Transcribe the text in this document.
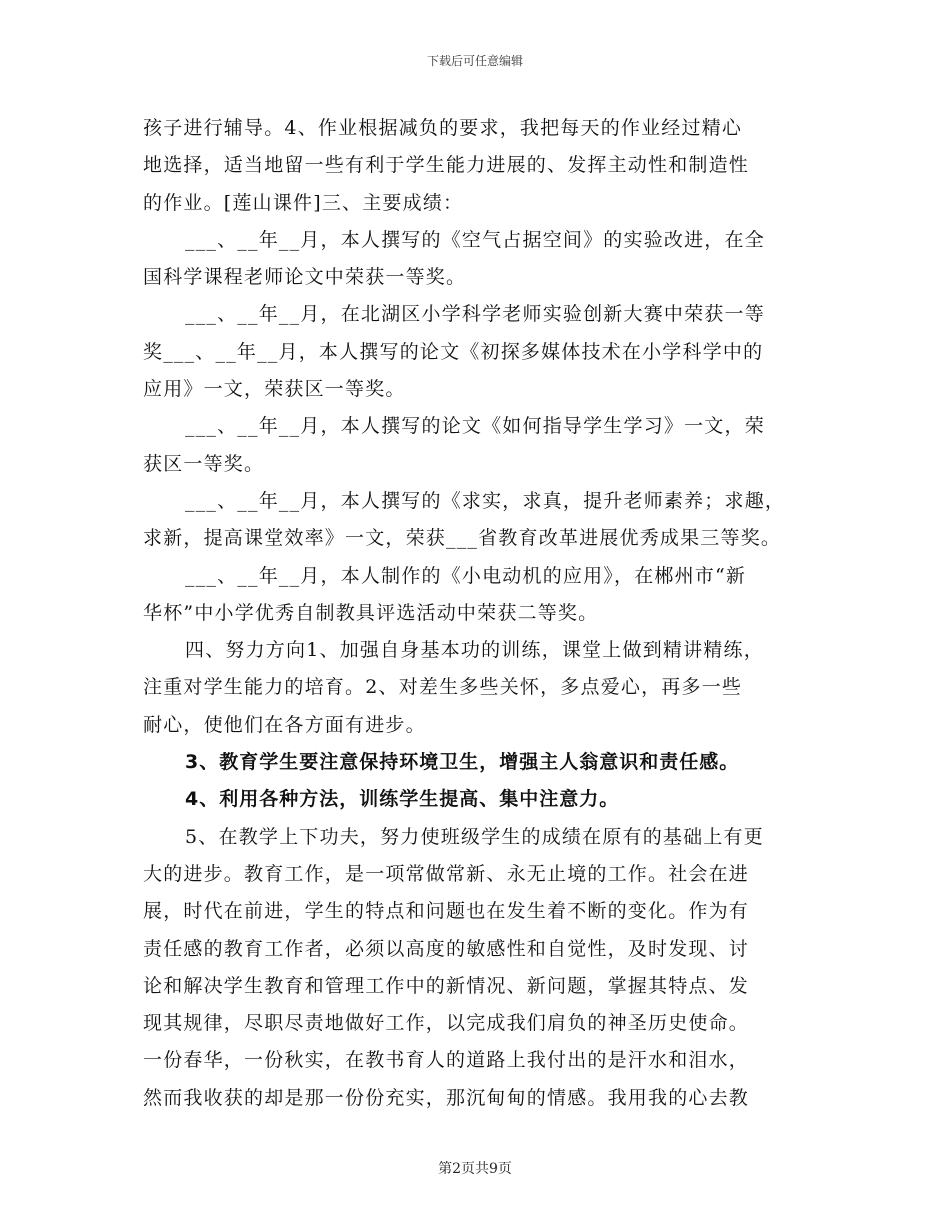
下载后可任意编辑
孩子进行辅导。4、作业根据减负的要求，我把每天的作业经过精心
地选择，适当地留一些有利于学生能力进展的、发挥主动性和制造性
的作业。[莲山课件]三、主要成绩：
___、__年__月，本人撰写的《空气占据空间》的实验改进，在全
国科学课程老师论文中荣获一等奖。
___、__年__月，在北湖区小学科学老师实验创新大赛中荣获一等
奖___、__年__月，本人撰写的论文《初探多媒体技术在小学科学中的
应用》一文，荣获区一等奖。
___、__年__月，本人撰写的论文《如何指导学生学习》一文，荣
获区一等奖。
___、__年__月，本人撰写的《求实，求真，提升老师素养；求趣，
求新，提高课堂效率》一文，荣获___省教育改革进展优秀成果三等奖。
___、__年__月，本人制作的《小电动机的应用》，在郴州市“新
华杯”中小学优秀自制教具评选活动中荣获二等奖。
四、努力方向1、加强自身基本功的训练，课堂上做到精讲精练，
注重对学生能力的培育。2、对差生多些关怀，多点爱心，再多一些
耐心，使他们在各方面有进步。
3、教育学生要注意保持环境卫生，增强主人翁意识和责任感。
4、利用各种方法，训练学生提高、集中注意力。
5、在教学上下功夫，努力使班级学生的成绩在原有的基础上有更
大的进步。教育工作，是一项常做常新、永无止境的工作。社会在进
展，时代在前进，学生的特点和问题也在发生着不断的变化。作为有
责任感的教育工作者，必须以高度的敏感性和自觉性，及时发现、讨
论和解决学生教育和管理工作中的新情况、新问题，掌握其特点、发
现其规律，尽职尽责地做好工作，以完成我们肩负的神圣历史使命。
一份春华，一份秋实，在教书育人的道路上我付出的是汗水和泪水，
然而我收获的却是那一份份充实，那沉甸甸的情感。我用我的心去教
第2页共9页
